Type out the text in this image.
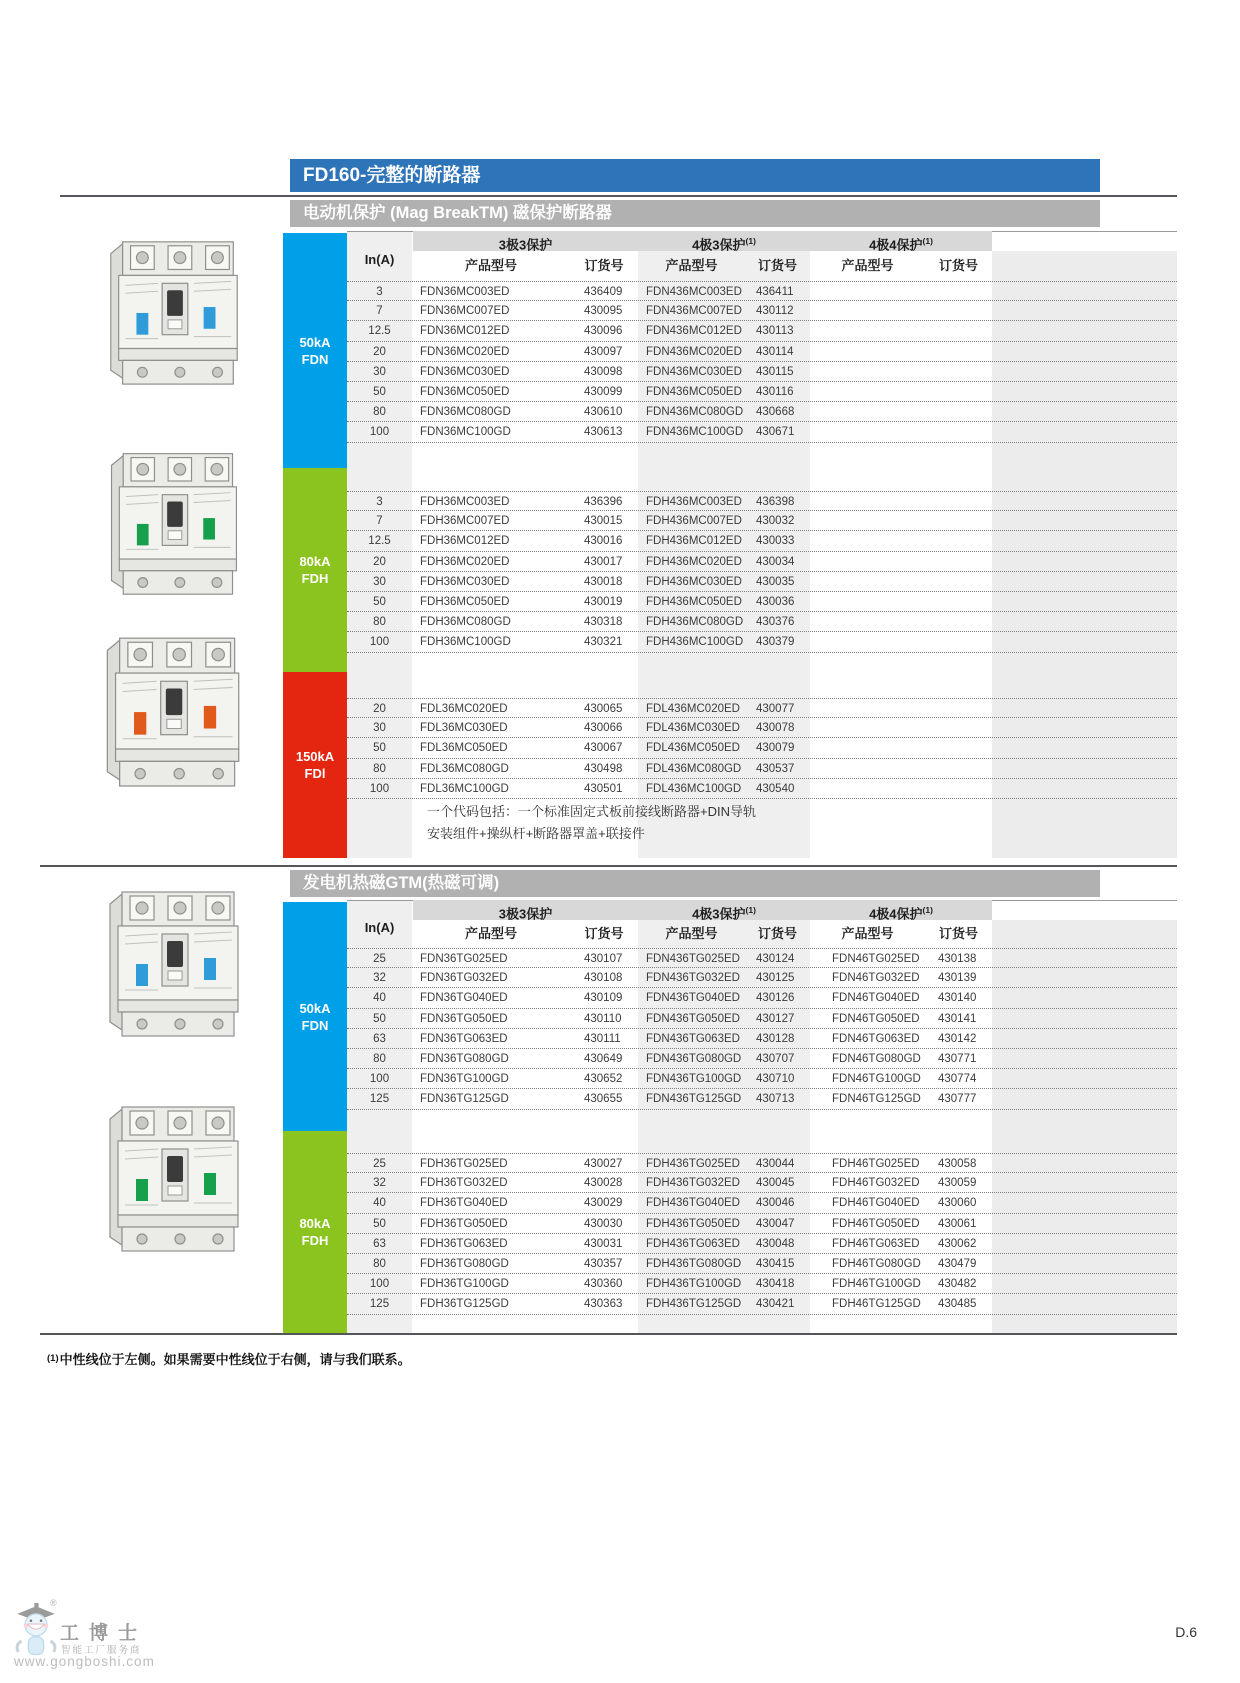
FD160-完整的断路器
$^{(1)}$中性线位于左侧。如果需要中性线位于右侧，请与我们联系。
®
工博士
智能工厂服务商
www.gongboshi.com
D.6
电动机保护 (Mag BreakTM) 磁保护断路器
3极3保护	4极3保护$^{(1)}$	4极4保护$^{(1)}$
In(A)	产品型号	产品型号	产品型号
订货号	订货号	订货号
50kA
FDN
3	FDN36MC003ED	436409	FDN436MC003ED	436411
7	FDN36MC007ED	430095	FDN436MC007ED	430112
12.5	FDN36MC012ED	430096	FDN436MC012ED	430113
20	FDN36MC020ED	430097	FDN436MC020ED	430114
30	FDN36MC030ED	430098	FDN436MC030ED	430115
50	FDN36MC050ED	430099	FDN436MC050ED	430116
80	FDN36MC080GD	430610	FDN436MC080GD	430668
100	FDN36MC100GD	430613	FDN436MC100GD	430671
80kA
FDH
3	FDH36MC003ED	436396	FDH436MC003ED	436398
7	FDH36MC007ED	430015	FDH436MC007ED	430032
12.5	FDH36MC012ED	430016	FDH436MC012ED	430033
20	FDH36MC020ED	430017	FDH436MC020ED	430034
30	FDH36MC030ED	430018	FDH436MC030ED	430035
50	FDH36MC050ED	430019	FDH436MC050ED	430036
80	FDH36MC080GD	430318	FDH436MC080GD	430376
100	FDH36MC100GD	430321	FDH436MC100GD	430379
150kA
FDl
20	FDL36MC020ED	430065	FDL436MC020ED	430077
30	FDL36MC030ED	430066	FDL436MC030ED	430078
50	FDL36MC050ED	430067	FDL436MC050ED	430079
80	FDL36MC080GD	430498	FDL436MC080GD	430537
100	FDL36MC100GD	430501	FDL436MC100GD	430540
一个代码包括：一个标准固定式板前接线断路器+DIN导轨
安装组件+操纵杆+断路器罩盖+联接件
发电机热磁GTM(热磁可调)
3极3保护	4极3保护$^{(1)}$	4极4保护$^{(1)}$
In(A)	产品型号	产品型号	产品型号
订货号	订货号	订货号
50kA
FDN
25	FDN36TG025ED	430107	FDN436TG025ED	430124	FDN46TG025ED	430138
32	FDN36TG032ED	430108	FDN436TG032ED	430125	FDN46TG032ED	430139
40	FDN36TG040ED	430109	FDN436TG040ED	430126	FDN46TG040ED	430140
50	FDN36TG050ED	430110	FDN436TG050ED	430127	FDN46TG050ED	430141
63	FDN36TG063ED	430111	FDN436TG063ED	430128	FDN46TG063ED	430142
80	FDN36TG080GD	430649	FDN436TG080GD	430707	FDN46TG080GD	430771
100	FDN36TG100GD	430652	FDN436TG100GD	430710	FDN46TG100GD	430774
125	FDN36TG125GD	430655	FDN436TG125GD	430713	FDN46TG125GD	430777
80kA
FDH
25	FDH36TG025ED	430027	FDH436TG025ED	430044	FDH46TG025ED	430058
32	FDH36TG032ED	430028	FDH436TG032ED	430045	FDH46TG032ED	430059
40	FDH36TG040ED	430029	FDH436TG040ED	430046	FDH46TG040ED	430060
50	FDH36TG050ED	430030	FDH436TG050ED	430047	FDH46TG050ED	430061
63	FDH36TG063ED	430031	FDH436TG063ED	430048	FDH46TG063ED	430062
80	FDH36TG080GD	430357	FDH436TG080GD	430415	FDH46TG080GD	430479
100	FDH36TG100GD	430360	FDH436TG100GD	430418	FDH46TG100GD	430482
125	FDH36TG125GD	430363	FDH436TG125GD	430421	FDH46TG125GD	430485
